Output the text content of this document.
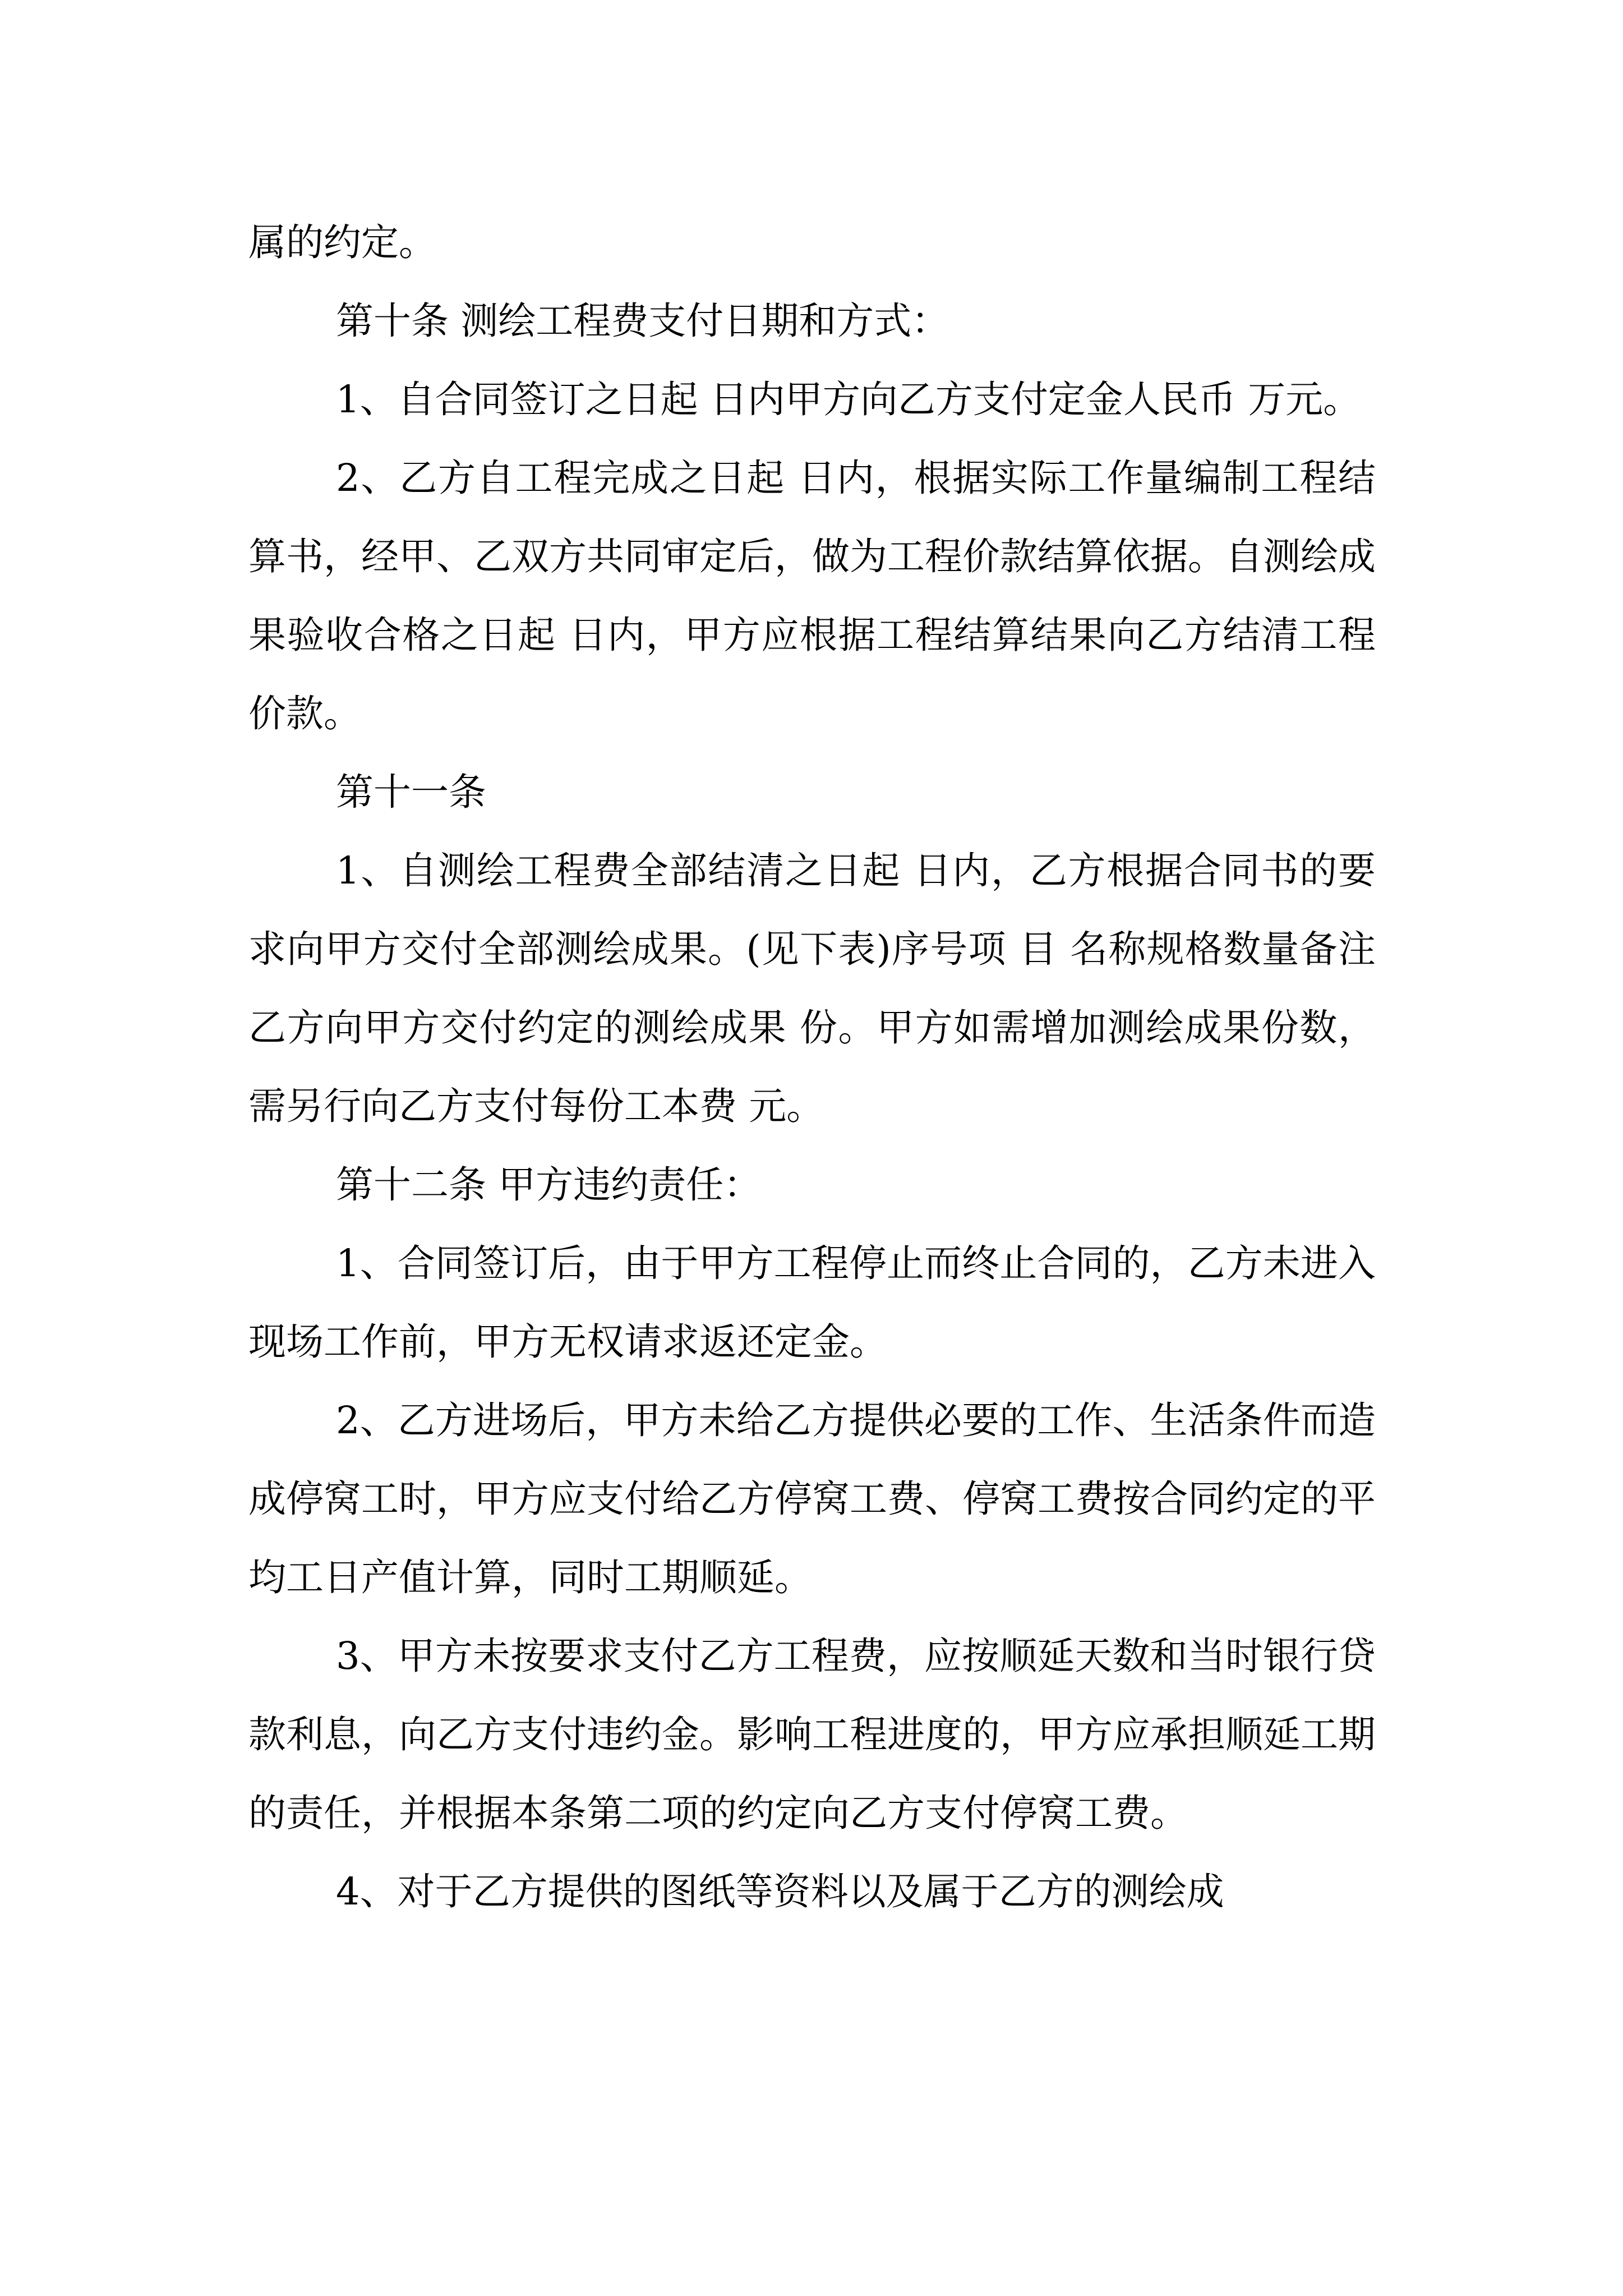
属的约定。

第十条 测绘工程费支付日期和方式：

1、自合同签订之日起 日内甲方向乙方支付定金人民币 万元。

2、乙方自工程完成之日起 日内，根据实际工作量编制工程结算书，经甲、乙双方共同审定后，做为工程价款结算依据。自测绘成果验收合格之日起 日内，甲方应根据工程结算结果向乙方结清工程价款。

第十一条

1、自测绘工程费全部结清之日起 日内，乙方根据合同书的要求向甲方交付全部测绘成果。(见下表)序号项 目 名称规格数量备注乙方向甲方交付约定的测绘成果 份。甲方如需增加测绘成果份数，需另行向乙方支付每份工本费 元。

第十二条 甲方违约责任：

1、合同签订后，由于甲方工程停止而终止合同的，乙方未进入现场工作前，甲方无权请求返还定金。

2、乙方进场后，甲方未给乙方提供必要的工作、生活条件而造成停窝工时，甲方应支付给乙方停窝工费、停窝工费按合同约定的平均工日产值计算，同时工期顺延。

3、甲方未按要求支付乙方工程费，应按顺延天数和当时银行贷款利息，向乙方支付违约金。影响工程进度的，甲方应承担顺延工期的责任，并根据本条第二项的约定向乙方支付停窝工费。

4、对于乙方提供的图纸等资料以及属于乙方的测绘成
